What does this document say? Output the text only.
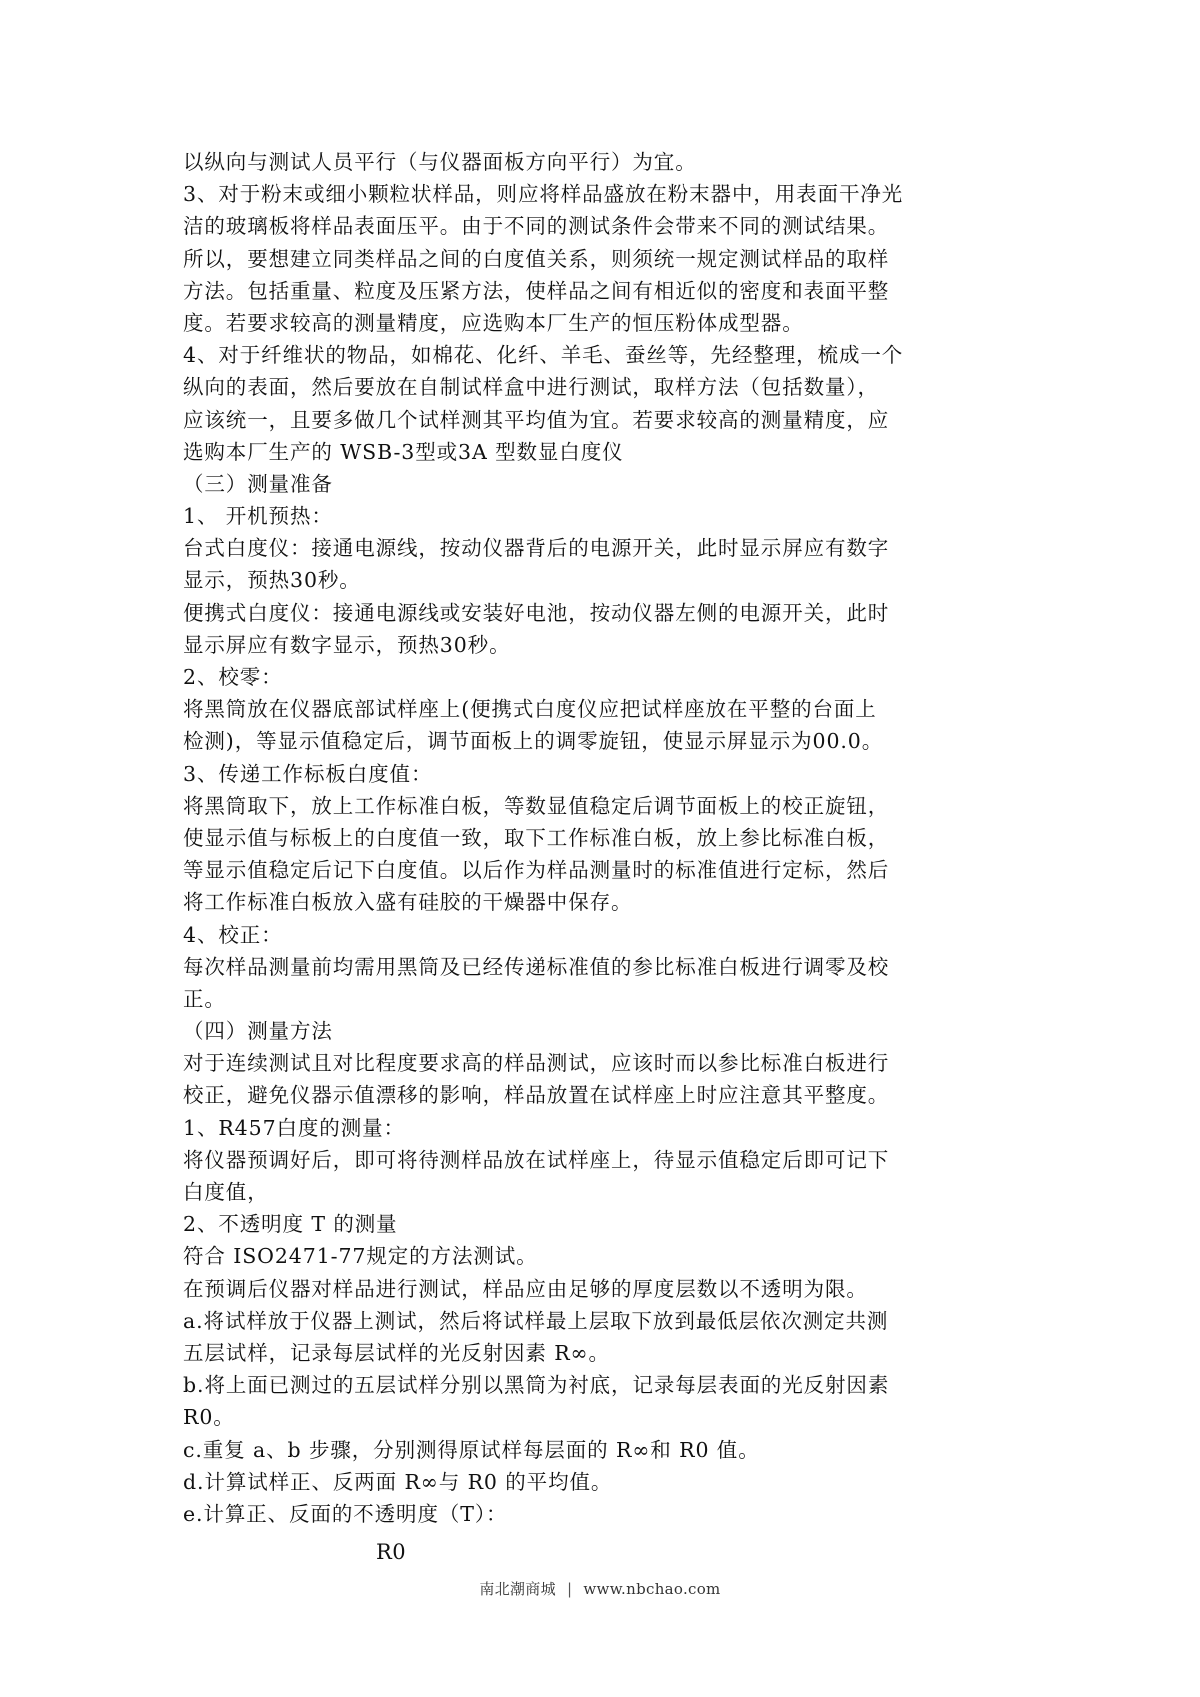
以纵向与测试人员平行（与仪器面板方向平行）为宜。
3、对于粉末或细小颗粒状样品，则应将样品盛放在粉末器中，用表面干净光
洁的玻璃板将样品表面压平。由于不同的测试条件会带来不同的测试结果。
所以，要想建立同类样品之间的白度值关系，则须统一规定测试样品的取样
方法。包括重量、粒度及压紧方法，使样品之间有相近似的密度和表面平整
度。若要求较高的测量精度，应选购本厂生产的恒压粉体成型器。
4、对于纤维状的物品，如棉花、化纤、羊毛、蚕丝等，先经整理，梳成一个
纵向的表面，然后要放在自制试样盒中进行测试，取样方法（包括数量），
应该统一，且要多做几个试样测其平均值为宜。若要求较高的测量精度，应
选购本厂生产的 WSB-3型或3A 型数显白度仪
（三）测量准备
1、 开机预热：
台式白度仪：接通电源线，按动仪器背后的电源开关，此时显示屏应有数字
显示，预热30秒。
便携式白度仪：接通电源线或安装好电池，按动仪器左侧的电源开关，此时
显示屏应有数字显示，预热30秒。
2、校零：
将黑筒放在仪器底部试样座上(便携式白度仪应把试样座放在平整的台面上
检测)，等显示值稳定后，调节面板上的调零旋钮，使显示屏显示为00.0。
3、传递工作标板白度值：
将黑筒取下，放上工作标准白板，等数显值稳定后调节面板上的校正旋钮，
使显示值与标板上的白度值一致，取下工作标准白板，放上参比标准白板，
等显示值稳定后记下白度值。以后作为样品测量时的标准值进行定标，然后
将工作标准白板放入盛有硅胶的干燥器中保存。
4、校正：
每次样品测量前均需用黑筒及已经传递标准值的参比标准白板进行调零及校
正。
（四）测量方法
对于连续测试且对比程度要求高的样品测试，应该时而以参比标准白板进行
校正，避免仪器示值漂移的影响，样品放置在试样座上时应注意其平整度。
1、R457白度的测量：
将仪器预调好后，即可将待测样品放在试样座上，待显示值稳定后即可记下
白度值，
2、不透明度 T 的测量
符合 ISO2471-77规定的方法测试。
在预调后仪器对样品进行测试，样品应由足够的厚度层数以不透明为限。
a.将试样放于仪器上测试，然后将试样最上层取下放到最低层依次测定共测
五层试样，记录每层试样的光反射因素 R∞。
b.将上面已测过的五层试样分别以黑筒为衬底，记录每层表面的光反射因素
R0。
c.重复 a、b 步骤，分别测得原试样每层面的 R∞和 R0 值。
d.计算试样正、反两面 R∞与 R0 的平均值。
e.计算正、反面的不透明度（T）：
R0
南北潮商城 | www.nbchao.com
